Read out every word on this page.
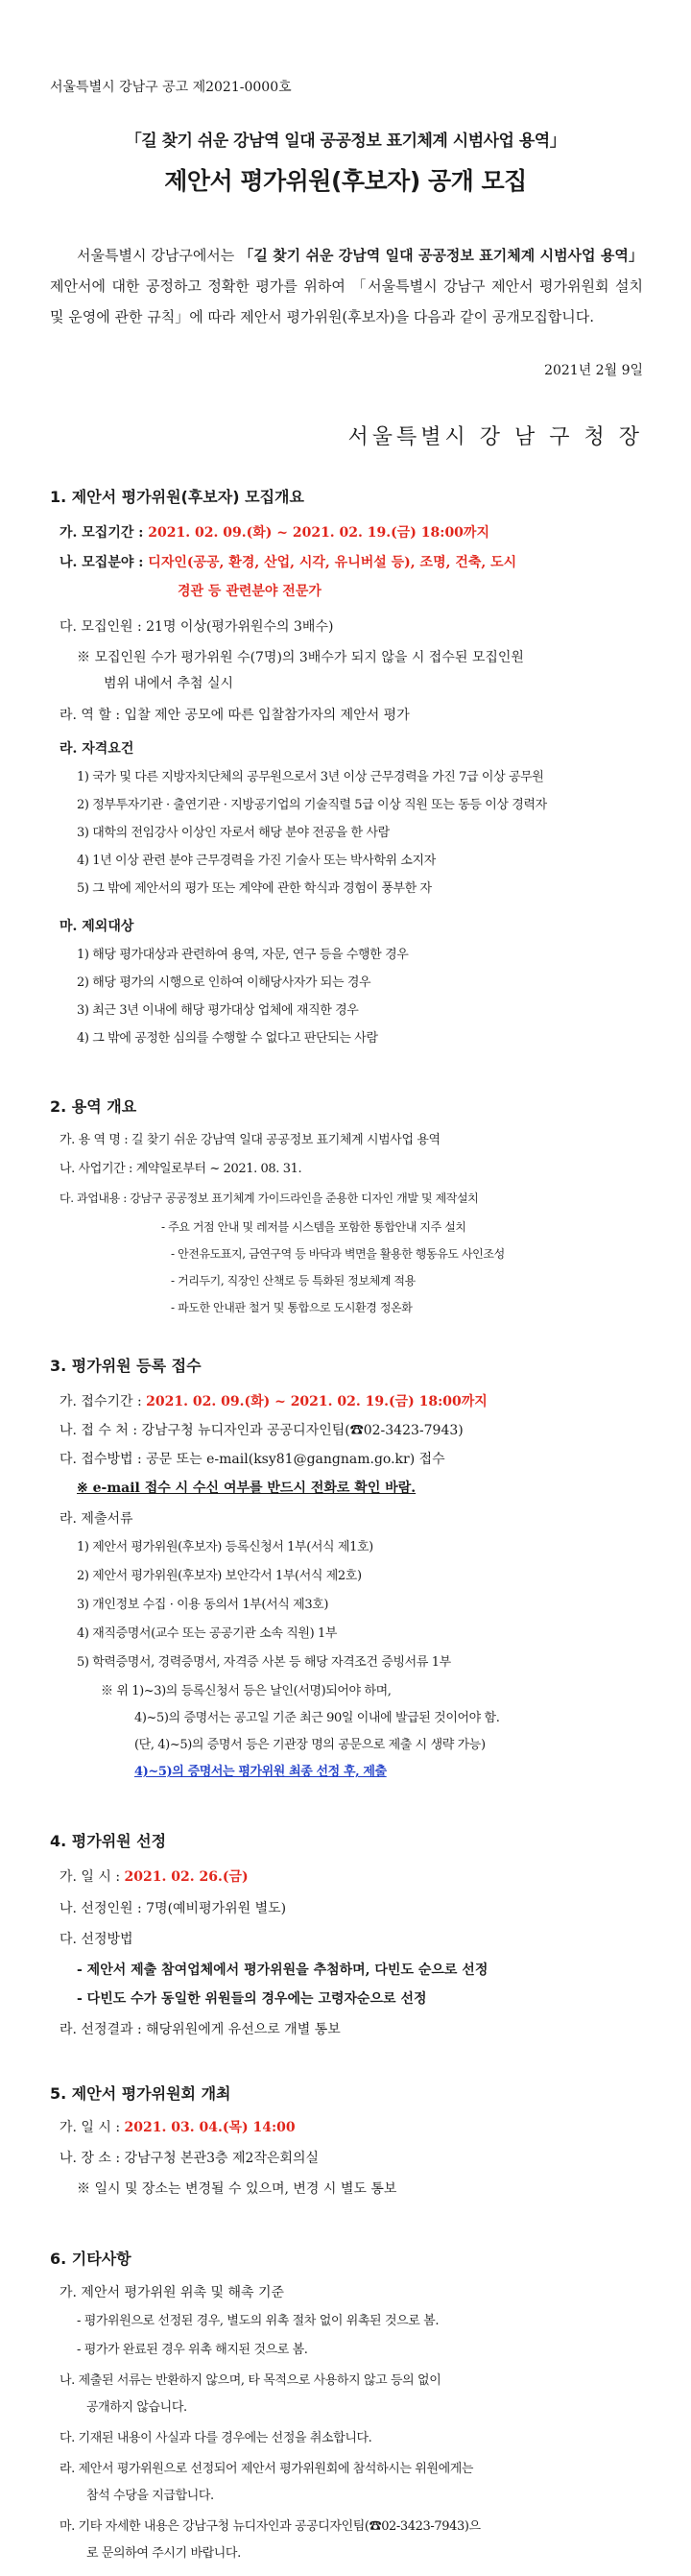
서울특별시 강남구 공고 제2021-0000호
「길 찾기 쉬운 강남역 일대 공공정보 표기체계 시범사업 용역」
제안서 평가위원(후보자) 공개 모집
서울특별시 강남구에서는 「길 찾기 쉬운 강남역 일대 공공정보 표기체계 시범사업 용역」 제안서에 대한 공정하고 정확한 평가를 위하여 「서울특별시 강남구 제안서 평가위원회 설치 및 운영에 관한 규칙」에 따라 제안서 평가위원(후보자)을 다음과 같이 공개모집합니다.
2021년 2월 9일
서울특별시 강 남 구 청 장
1. 제안서 평가위원(후보자) 모집개요
가. 모집기간 : 2021. 02. 09.(화) ~ 2021. 02. 19.(금) 18:00까지
나. 모집분야 : 디자인(공공, 환경, 산업, 시각, 유니버설 등), 조명, 건축, 도시
경관 등 관련분야 전문가
다. 모집인원 : 21명 이상(평가위원수의 3배수)
※ 모집인원 수가 평가위원 수(7명)의 3배수가 되지 않을 시 접수된 모집인원
범위 내에서 추첨 실시
라. 역 할 : 입찰 제안 공모에 따른 입찰참가자의 제안서 평가
라. 자격요건
1) 국가 및 다른 지방자치단체의 공무원으로서 3년 이상 근무경력을 가진 7급 이상 공무원
2) 정부투자기관 · 출연기관 · 지방공기업의 기술직렬 5급 이상 직원 또는 동등 이상 경력자
3) 대학의 전임강사 이상인 자로서 해당 분야 전공을 한 사람
4) 1년 이상 관련 분야 근무경력을 가진 기술사 또는 박사학위 소지자
5) 그 밖에 제안서의 평가 또는 계약에 관한 학식과 경험이 풍부한 자
마. 제외대상
1) 해당 평가대상과 관련하여 용역, 자문, 연구 등을 수행한 경우
2) 해당 평가의 시행으로 인하여 이해당사자가 되는 경우
3) 최근 3년 이내에 해당 평가대상 업체에 재직한 경우
4) 그 밖에 공정한 심의를 수행할 수 없다고 판단되는 사람
2. 용역 개요
가. 용 역 명 : 길 찾기 쉬운 강남역 일대 공공정보 표기체계 시범사업 용역
나. 사업기간 : 계약일로부터 ~ 2021. 08. 31.
다. 과업내용 : 강남구 공공정보 표기체계 가이드라인을 준용한 디자인 개발 및 제작설치
- 주요 거점 안내 및 레저블 시스템을 포함한 통합안내 지주 설치
- 안전유도표지, 금연구역 등 바닥과 벽면을 활용한 행동유도 사인조성
- 거리두기, 직장인 산책로 등 특화된 정보체계 적용
- 파도한 안내판 철거 및 통합으로 도시환경 정온화
3. 평가위원 등록 접수
가. 접수기간 : 2021. 02. 09.(화) ~ 2021. 02. 19.(금) 18:00까지
나. 접 수 처 : 강남구청 뉴디자인과 공공디자인팀(☎02-3423-7943)
다. 접수방법 : 공문 또는 e-mail(ksy81@gangnam.go.kr) 접수
※ e-mail 접수 시 수신 여부를 반드시 전화로 확인 바람.
라. 제출서류
1) 제안서 평가위원(후보자) 등록신청서 1부(서식 제1호)
2) 제안서 평가위원(후보자) 보안각서 1부(서식 제2호)
3) 개인정보 수집 · 이용 동의서 1부(서식 제3호)
4) 재직증명서(교수 또는 공공기관 소속 직원) 1부
5) 학력증명서, 경력증명서, 자격증 사본 등 해당 자격조건 증빙서류 1부
※ 위 1)~3)의 등록신청서 등은 날인(서명)되어야 하며,
4)~5)의 증명서는 공고일 기준 최근 90일 이내에 발급된 것이어야 함.
(단, 4)~5)의 증명서 등은 기관장 명의 공문으로 제출 시 생략 가능)
4)~5)의 증명서는 평가위원 최종 선정 후, 제출
4. 평가위원 선정
가. 일 시 : 2021. 02. 26.(금)
나. 선정인원 : 7명(예비평가위원 별도)
다. 선정방법
- 제안서 제출 참여업체에서 평가위원을 추첨하며, 다빈도 순으로 선정
- 다빈도 수가 동일한 위원들의 경우에는 고령자순으로 선정
라. 선정결과 : 해당위원에게 유선으로 개별 통보
5. 제안서 평가위원회 개최
가. 일 시 : 2021. 03. 04.(목) 14:00
나. 장 소 : 강남구청 본관3층 제2작은회의실
※ 일시 및 장소는 변경될 수 있으며, 변경 시 별도 통보
6. 기타사항
가. 제안서 평가위원 위촉 및 해촉 기준
- 평가위원으로 선정된 경우, 별도의 위촉 절차 없이 위촉된 것으로 봄.
- 평가가 완료된 경우 위촉 해지된 것으로 봄.
나. 제출된 서류는 반환하지 않으며, 타 목적으로 사용하지 않고 등의 없이
공개하지 않습니다.
다. 기재된 내용이 사실과 다를 경우에는 선정을 취소합니다.
라. 제안서 평가위원으로 선정되어 제안서 평가위원회에 참석하시는 위원에게는
참석 수당을 지급합니다.
마. 기타 자세한 내용은 강남구청 뉴디자인과 공공디자인팀(☎02-3423-7943)으
로 문의하여 주시기 바랍니다.
